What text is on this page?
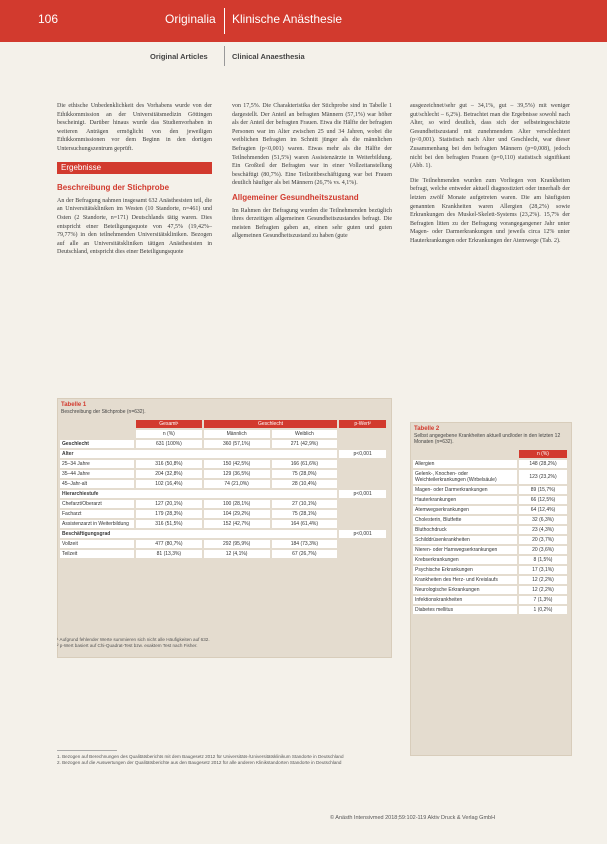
106	Originalia Klinische Anästhesie
Original Articles	Clinical Anaesthesia

Die ethische Unbedenklichkeit des Vorhabens wurde von der Ethikkommission an der Universitätsmedizin Göttingen bescheinigt. Darüber hinaus wurde das Studienvorhaben in weiteren Anträgen ermöglicht von den jeweiligen Ethikkommissionen vor dem Beginn in den dortigen Untersuchungszentrum geprüft.

Ergebnisse
Beschreibung der Stichprobe

An der Befragung nahmen insgesamt 632 Anästhesisten teil, die an Universitätskliniken im Westen (10 Standorte, n=461) und Osten (2 Standorte, n=171) Deutschlands tätig waren. Dies entspricht einer Beteiligungsquote von 47,5% (19,42%–79,77%) in den teilnehmenden Universitätskliniken. Bezogen auf alle an Universitätskliniken tätigen Anästhesisten in Deutschland, entspricht dies einer Beteiligungsquote

von 17,5%. Die Charakteristika der Stichprobe sind in Tabelle 1 dargestellt. Der Anteil an befragten Männern (57,1%) war höher als der Anteil der befragten Frauen. Etwa die Hälfte der befragten Personen war im Alter zwischen 25 und 34 Jahren, wobei die weiblichen Befragten im Schnitt jünger als die männlichen Befragten (p<0,001) waren. Etwas mehr als die Hälfte der Teilnehmenden (51,5%) waren Assistenzärzte in Weiterbildung. Ein Großteil der Befragten war in einer Vollzeitanstellung beschäftigt (80,7%). Eine Teilzeitbeschäftigung war bei Frauen deutlich häufiger als bei Männern (26,7% vs. 4,1%).

Allgemeiner Gesundheitszustand

Im Rahmen der Befragung wurden die Teilnehmenden bezüglich ihres derzeitigen allgemeinen Gesundheitszustandes befragt. Die meisten Befragten gaben an, einen sehr guten und guten allgemeinen Gesundheitszustand zu haben (gute

ausgezeichnet/sehr gut – 34,1%, gut – 39,5%) mit weniger gut/schlecht – 6,2%). Betrachtet man die Ergebnisse sowohl nach Alter, so wird deutlich, dass sich der selbsteingeschätzte Gesundheitszustand mit zunehmendem Alter verschlechtert (p<0,001). Statistisch nach Alter und Geschlecht, war dieser Zusammenhang bei den befragten Männern (p=0,008), jedoch nicht bei den befragten Frauen (p=0,110) statistisch signifikant (Abb. 1).

Die Teilnehmenden wurden zum Vorliegen von Krankheiten befragt, welche entweder aktuell diagnostiziert oder innerhalb der letzten zwölf Monate aufgetreten waren. Die am häufigsten genannten Krankheiten waren Allergien (28,2%) sowie Erkrankungen des Muskel-Skelett-Systems (23,2%). 15,7% der Befragten litten zu der Befragung vorangegangener Jahr unter Magen- oder Darmerkrankungen und jeweils circa 12% unter Hauterkrankungen oder Erkrankungen der Atemwege (Tab. 2).

Tabelle 1
Beschreibung der Stichprobe (n=632).
	Gesamt¹	Geschlecht		p-Wert²
	n (%)	Männlich	Weiblich	
Geschlecht	631 (100%)	360 (57,1%)	271 (42,9%)	
Alter				p<0,001
25–34 Jahre	316 (50,8%)	150 (42,5%)	166 (61,6%)	
35–44 Jahre	204 (32,8%)	129 (36,5%)	75 (28,0%)	
45–Jahr-alt	102 (16,4%)	74 (21,0%)	28 (10,4%)	
Hierarchiestufe				p<0,001
Chefarzt/Oberarzt	127 (20,1%)	100 (28,1%)	27 (10,1%)	
Facharzt	179 (28,3%)	104 (29,2%)	75 (28,1%)	
Assistenzarzt in Weiterbildung	316 (51,5%)	152 (42,7%)	164 (61,4%)	
Beschäftigungsgrad				p<0,001
Vollzeit	477 (80,7%)	292 (95,9%)	184 (73,3%)	
Teilzeit	81 (13,3%)	12 (4,1%)	67 (26,7%)	
¹ Aufgrund fehlender Werte summieren sich nicht alle Häufigkeiten auf 632.
² p-Wert basiert auf Chi-Quadrat-Test bzw. exaktem Test nach Fisher.
1. Bezogen auf Berechnungen des Qualitätsberichts mit dem Baugesetz 2012 für Universitäts-/Universitätsklinikum Standorte in Deutschland
2. Bezogen auf die Auswertungen der Qualitätsberichte aus den Baugesetz 2012 für alle anderen Klinikstandorten Standorte in Deutschland
Tabelle 2
Selbst angegebene Krankheiten aktuell und/oder in den letzten 12 Monaten (n=632).
	n (%)
Allergien	148 (28,2%)
Gelenk-, Knochen- oder Weichteilerkrankungen (Wirbelsäule)	123 (23,2%)
Magen- oder Darmerkrankungen	89 (15,7%)
Hauterkrankungen	66 (12,5%)
Atemwegserkrankungen	64 (12,4%)
Cholesterin, Blutfette	32 (6,3%)
Bluthochdruck	23 (4,3%)
Schilddrüsenkrankheiten	20 (3,7%)
Nieren- oder Harnwegserkrankungen	20 (3,6%)
Krebserkrankungen	8 (1,5%)
Psychische Erkrankungen	17 (3,1%)
Krankheiten des Herz- und Kreislaufs	12 (2,2%)
Neurologische Erkrankungen	12 (2,2%)
Infektionskrankheiten	7 (1,3%)
Diabetes mellitus	1 (0,2%)
© Anästh Intensivmed 2018;59:102-119 Aktiv Druck & Verlag GmbH
